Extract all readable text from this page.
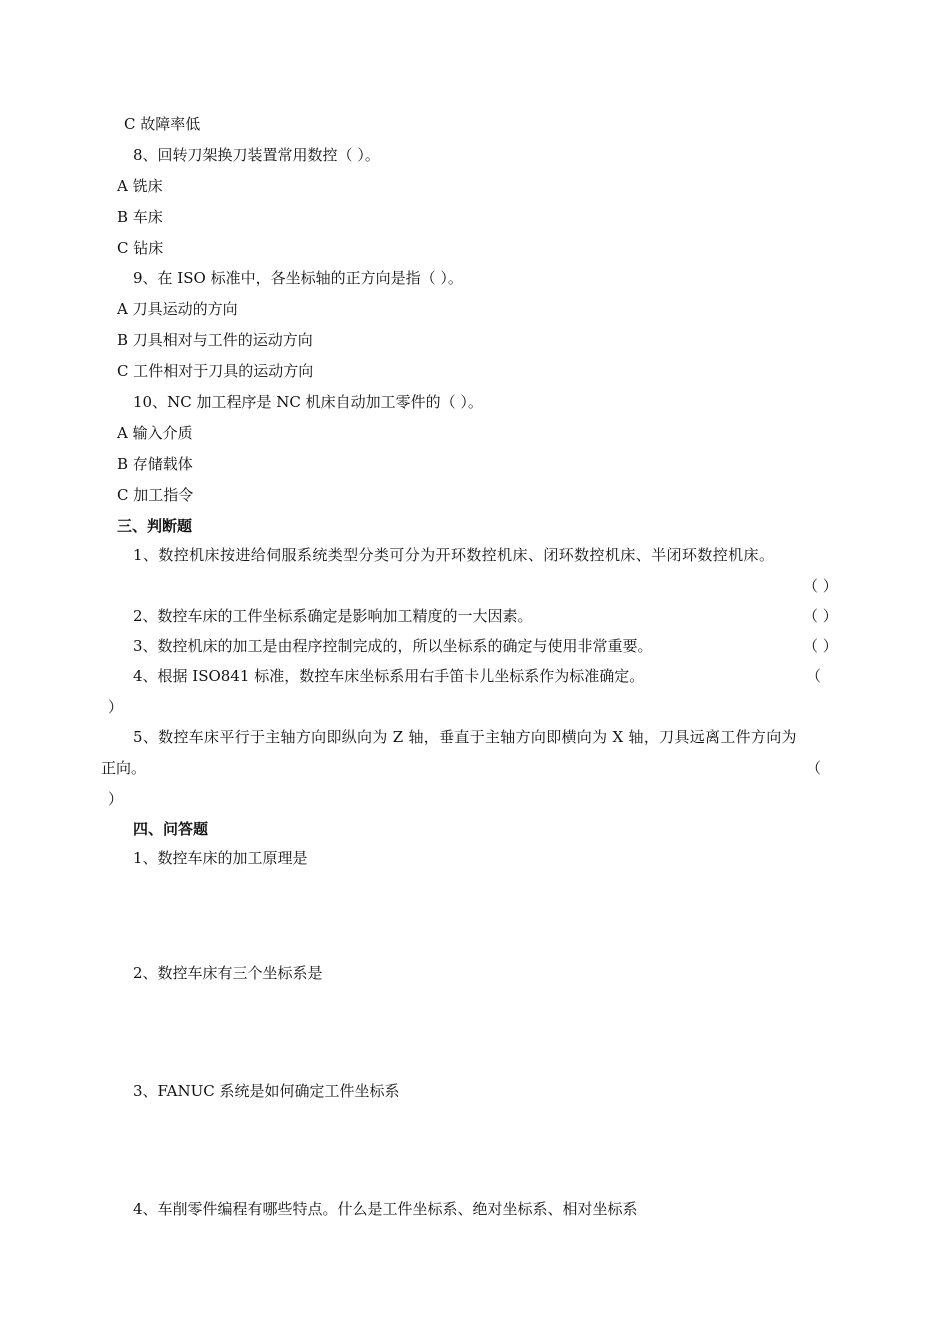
C 故障率低
8、回转刀架换刀装置常用数控（ ）。
A 铣床
B 车床
C 钻床
9、在 ISO 标准中，各坐标轴的正方向是指（ ）。
A 刀具运动的方向
B 刀具相对与工件的运动方向
C 工件相对于刀具的运动方向
10、NC 加工程序是 NC 机床自动加工零件的（ ）。
A 输入介质
B 存储载体
C 加工指令
三、判断题
1、数控机床按进给伺服系统类型分类可分为开环数控机床、闭环数控机床、半闭环数控机床。
（ ）
2、数控车床的工件坐标系确定是影响加工精度的一大因素。	（ ）
3、数控机床的加工是由程序控制完成的，所以坐标系的确定与使用非常重要。	（ ）
4、根据 ISO841 标准，数控车床坐标系用右手笛卡儿坐标系作为标准确定。	（
）
5、数控车床平行于主轴方向即纵向为 Z 轴，垂直于主轴方向即横向为 X 轴，刀具远离工件方向为
正向。	（
）
四、问答题
1、数控车床的加工原理是
2、数控车床有三个坐标系是
3、FANUC 系统是如何确定工件坐标系
4、车削零件编程有哪些特点。什么是工件坐标系、绝对坐标系、相对坐标系
